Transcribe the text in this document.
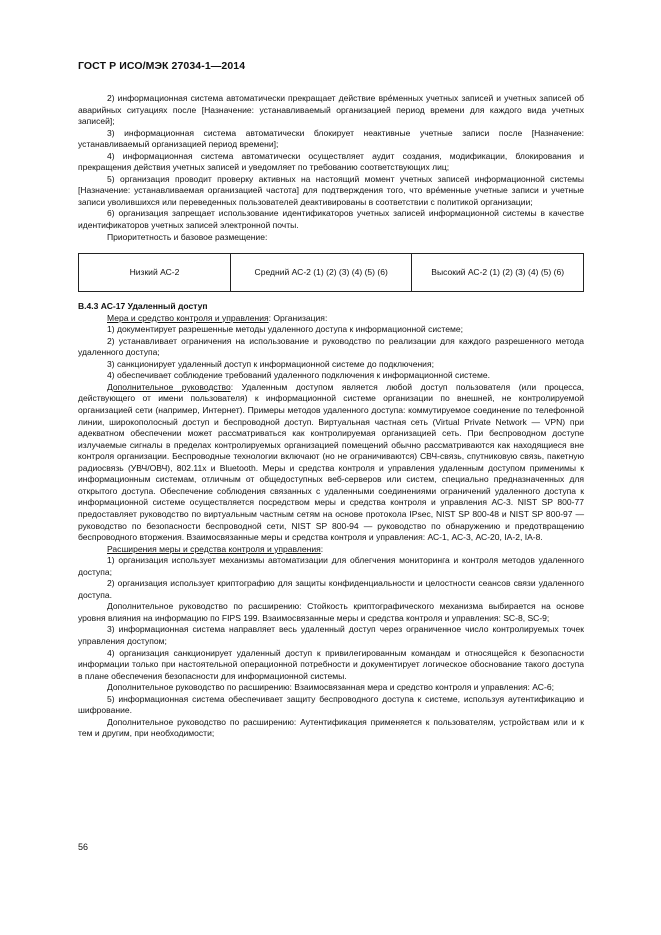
ГОСТ Р ИСО/МЭК 27034-1—2014

2) информационная система автоматически прекращает действие вре́менных учетных записей и учетных записей об аварийных ситуациях после [Назначение: устанавливаемый организацией период времени для каждого вида учетных записей];

3) информационная система автоматически блокирует неактивные учетные записи после [Назначение: устанавливаемый организацией период времени];

4) информационная система автоматически осуществляет аудит создания, модификации, блокирования и прекращения действия учетных записей и уведомляет по требованию соответствующих лиц;

5) организация проводит проверку активных на настоящий момент учетных записей информационной системы [Назначение: устанавливаемая организацией частота] для подтверждения того, что вре́менные учетные записи и учетные записи уволившихся или переведенных пользователей деактивированы в соответствии с политикой организации;

6) организация запрещает использование идентификаторов учетных записей информационной системы в качестве идентификаторов учетных записей электронной почты.

Приоритетность и базовое размещение:

Низкий АС-2	Средний АС-2 (1) (2) (3) (4) (5) (6)	Высокий АС-2 (1) (2) (3) (4) (5) (6)

В.4.3 АС-17 Удаленный доступ

Мера и средство контроля и управления: Организация:

1) документирует разрешенные методы удаленного доступа к информационной системе;

2) устанавливает ограничения на использование и руководство по реализации для каждого разрешенного метода удаленного доступа;

3) санкционирует удаленный доступ к информационной системе до подключения;

4) обеспечивает соблюдение требований удаленного подключения к информационной системе.

Дополнительное руководство: Удаленным доступом является любой доступ пользователя (или процесса, действующего от имени пользователя) к информационной системе организации по внешней, не контролируемой организацией сети (например, Интернет). Примеры методов удаленного доступа: коммутируемое соединение по телефонной линии, широкополосный доступ и беспроводной доступ. Виртуальная частная сеть (Virtual Private Network — VPN) при адекватном обеспечении может рассматриваться как контролируемая организацией сеть. При беспроводном доступе излучаемые сигналы в пределах контролируемых организацией помещений обычно рассматриваются как находящиеся вне контроля организации. Беспроводные технологии включают (но не ограничиваются) СВЧ-связь, спутниковую связь, пакетную радиосвязь (УВЧ/ОВЧ), 802.11x и Bluetooth. Меры и средства контроля и управления удаленным доступом применимы к информационным системам, отличным от общедоступных веб-серверов или систем, специально предназначенных для открытого доступа. Обеспечение соблюдения связанных с удаленными соединениями ограничений удаленного доступа к информационной системе осуществляется посредством меры и средства контроля и управления АС-3. NIST SP 800-77 предоставляет руководство по виртуальным частным сетям на основе протокола IPsec, NIST SP 800-48 и NIST SP 800-97 — руководство по безопасности беспроводной сети, NIST SP 800-94 — руководство по обнаружению и предотвращению беспроводного вторжения. Взаимосвязанные меры и средства контроля и управления: АС-1, АС-3, АС-20, IA-2, IA-8.

Расширения меры и средства контроля и управления:

1) организация использует механизмы автоматизации для облегчения мониторинга и контроля методов удаленного доступа;

2) организация использует криптографию для защиты конфиденциальности и целостности сеансов связи удаленного доступа.

Дополнительное руководство по расширению: Стойкость криптографического механизма выбирается на основе уровня влияния на информацию по FIPS 199. Взаимосвязанные меры и средства контроля и управления: SC-8, SC-9;

3) информационная система направляет весь удаленный доступ через ограниченное число контролируемых точек управления доступом;

4) организация санкционирует удаленный доступ к привилегированным командам и относящейся к безопасности информации только при настоятельной операционной потребности и документирует логическое обоснование такого доступа в плане обеспечения безопасности для информационной системы.

Дополнительное руководство по расширению: Взаимосвязанная мера и средство контроля и управления: АС-6;

5) информационная система обеспечивает защиту беспроводного доступа к системе, используя аутентификацию и шифрование.

Дополнительное руководство по расширению: Аутентификация применяется к пользователям, устройствам или и к тем и другим, при необходимости;

56
